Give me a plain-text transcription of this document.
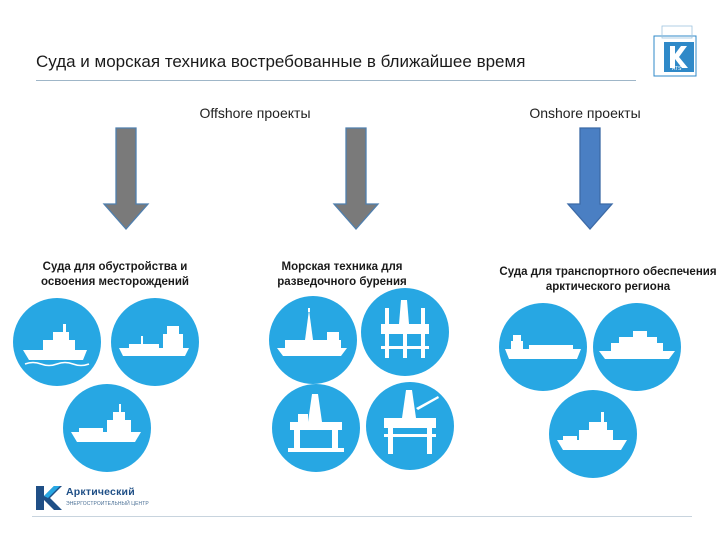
Суда и морская техника востребованные в ближайшее время	ATS
Offshore проекты	Onshore проекты
Суда для обустройства и освоения месторождений
Морская техника для разведочного бурения
Суда для транспортного обеспечения арктического региона
Арктический
ЭНЕРГОСТРОИТЕЛЬНЫЙ ЦЕНТР
